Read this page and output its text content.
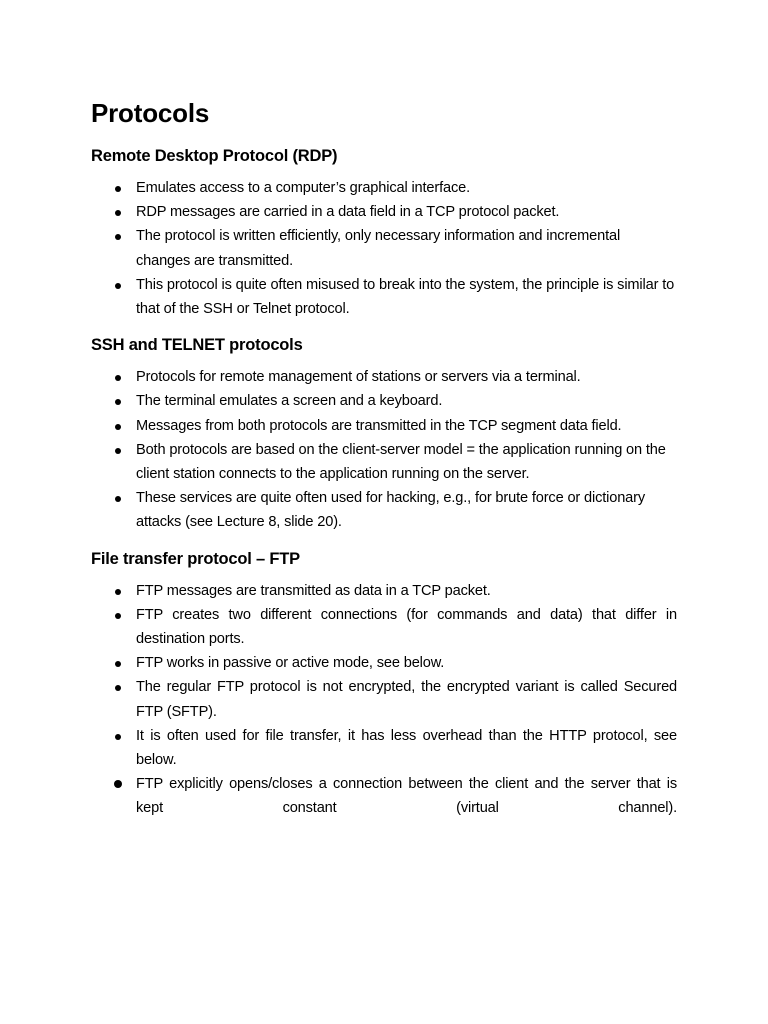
Protocols
Remote Desktop Protocol (RDP)
Emulates access to a computer’s graphical interface.
RDP messages are carried in a data field in a TCP protocol packet.
The protocol is written efficiently, only necessary information and incremental changes are transmitted.
This protocol is quite often misused to break into the system, the principle is similar to that of the SSH or Telnet protocol.
SSH and TELNET protocols
Protocols for remote management of stations or servers via a terminal.
The terminal emulates a screen and a keyboard.
Messages from both protocols are transmitted in the TCP segment data field.
Both protocols are based on the client-server model = the application running on the client station connects to the application running on the server.
These services are quite often used for hacking, e.g., for brute force or dictionary attacks (see Lecture 8, slide 20).
File transfer protocol – FTP
FTP messages are transmitted as data in a TCP packet.
FTP creates two different connections (for commands and data) that differ in destination ports.
FTP works in passive or active mode, see below.
The regular FTP protocol is not encrypted, the encrypted variant is called Secured FTP (SFTP).
It is often used for file transfer, it has less overhead than the HTTP protocol, see below.
FTP explicitly opens/closes a connection between the client and the server that is kept constant (virtual channel).
